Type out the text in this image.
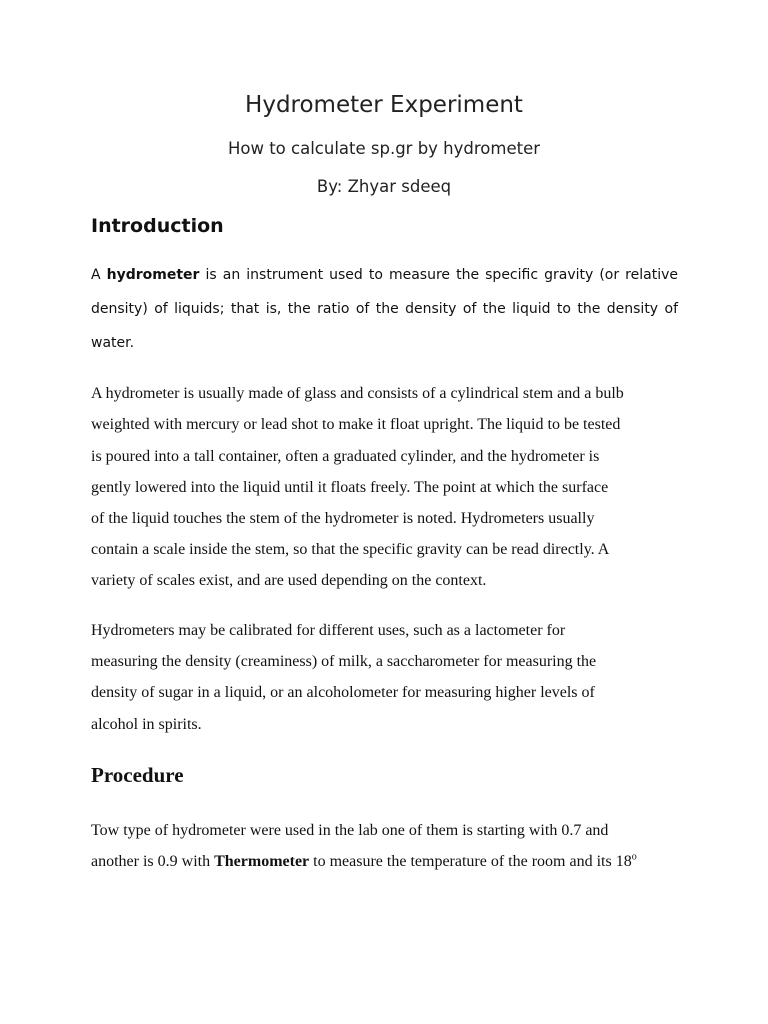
Hydrometer Experiment
How to calculate sp.gr by hydrometer
By: Zhyar sdeeq
Introduction
A hydrometer is an instrument used to measure the specific gravity (or relative
density) of liquids; that is, the ratio of the density of the liquid to the density of
water.
A hydrometer is usually made of glass and consists of a cylindrical stem and a bulb
weighted with mercury or lead shot to make it float upright. The liquid to be tested
is poured into a tall container, often a graduated cylinder, and the hydrometer is
gently lowered into the liquid until it floats freely. The point at which the surface
of the liquid touches the stem of the hydrometer is noted. Hydrometers usually
contain a scale inside the stem, so that the specific gravity can be read directly. A
variety of scales exist, and are used depending on the context.
Hydrometers may be calibrated for different uses, such as a lactometer for
measuring the density (creaminess) of milk, a saccharometer for measuring the
density of sugar in a liquid, or an alcoholometer for measuring higher levels of
alcohol in spirits.
Procedure
Tow type of hydrometer were used in the lab one of them is starting with 0.7 and
another is 0.9 with Thermometer to measure the temperature of the room and its 18$^o$
